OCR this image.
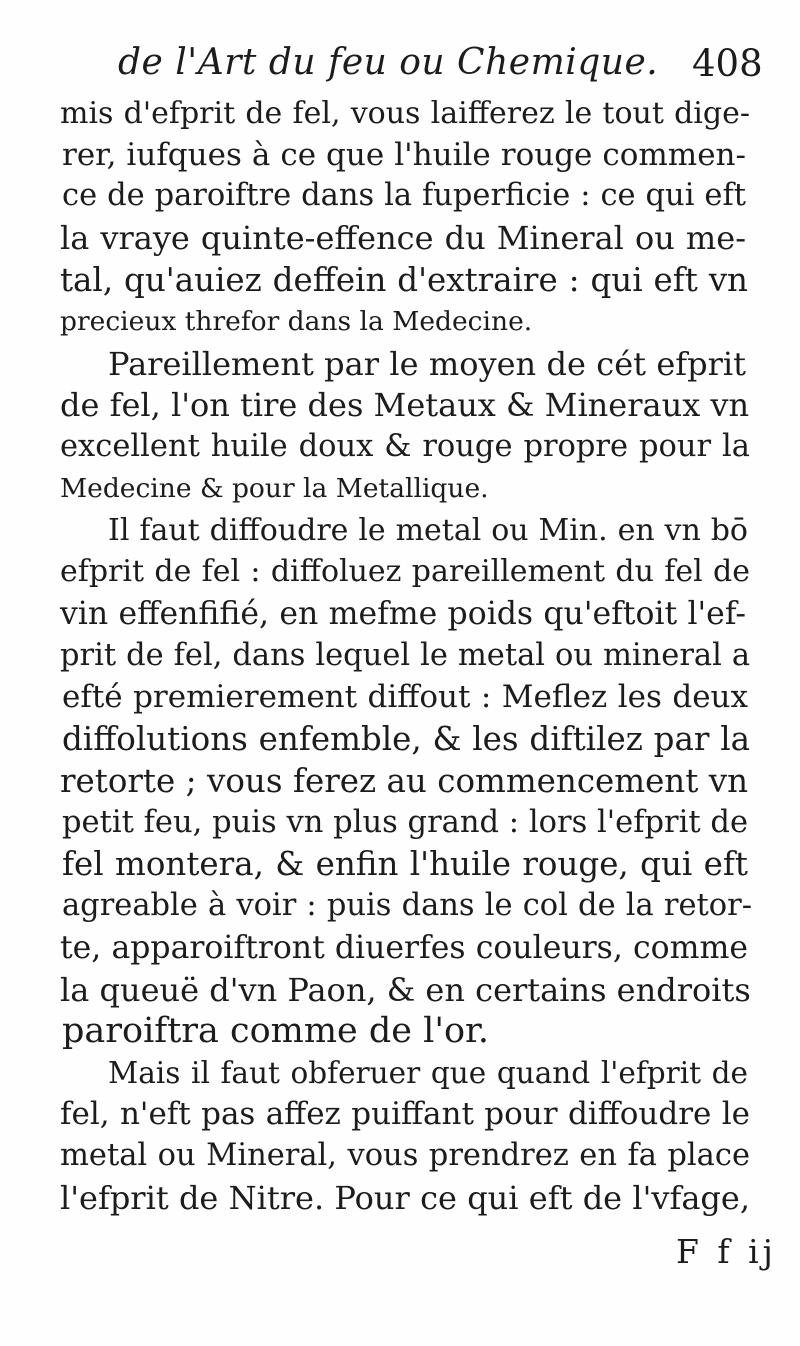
de l'Art du feu ou Chemique. 408
mis d'efprit de fel, vous laifferez le tout dige-
rer, iufques à ce que l'huile rouge commen-
ce de paroiftre dans la fuperficie : ce qui eft
la vraye quinte-effence du Mineral ou me-
tal, qu'auiez deffein d'extraire : qui eft vn
precieux threfor dans la Medecine.
Pareillement par le moyen de cét efprit
de fel, l'on tire des Metaux & Mineraux vn
excellent huile doux & rouge propre pour la
Medecine & pour la Metallique.
Il faut diffoudre le metal ou Min. en vn bō
efprit de fel : diffoluez pareillement du fel de
vin effenfifié, en mefme poids qu'eftoit l'ef-
prit de fel, dans lequel le metal ou mineral a
efté premierement diffout : Meflez les deux
diffolutions enfemble, & les diftilez par la
retorte ; vous ferez au commencement vn
petit feu, puis vn plus grand : lors l'efprit de
fel montera, & enfin l'huile rouge, qui eft
agreable à voir : puis dans le col de la retor-
te, apparoiftront diuerfes couleurs, comme
la queuë d'vn Paon, & en certains endroits
paroiftra comme de l'or.
Mais il faut obferuer que quand l'efprit de
fel, n'eft pas affez puiffant pour diffoudre le
metal ou Mineral, vous prendrez en fa place
l'efprit de Nitre. Pour ce qui eft de l'vfage,
F f ij
